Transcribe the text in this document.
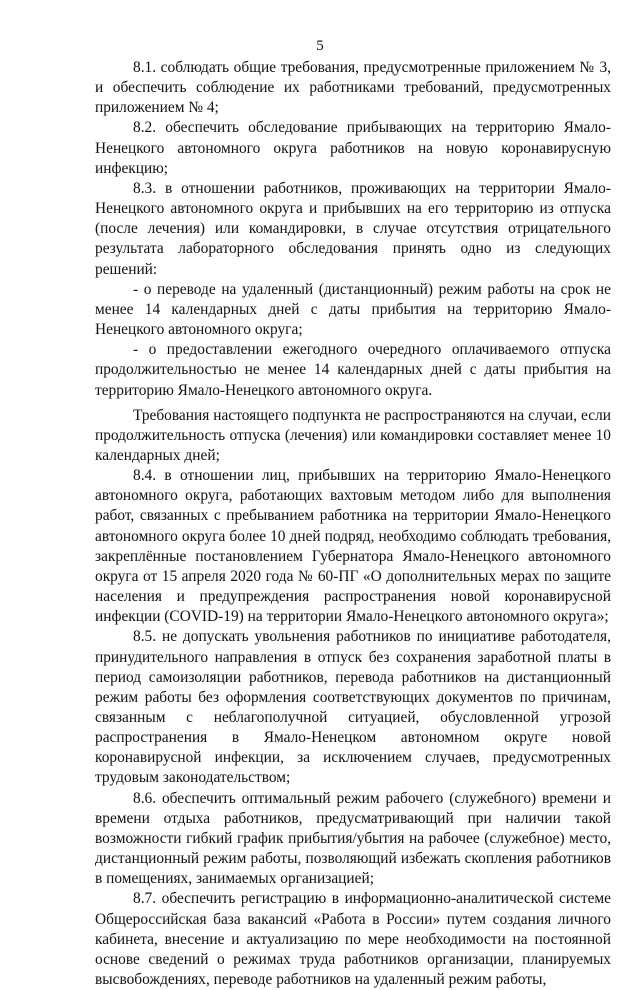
5

8.1. соблюдать общие требования, предусмотренные приложением № 3, и обеспечить соблюдение их работниками требований, предусмотренных приложением № 4;

8.2. обеспечить обследование прибывающих на территорию Ямало-Ненецкого автономного округа работников на новую коронавирусную инфекцию;

8.3. в отношении работников, проживающих на территории Ямало-Ненецкого автономного округа и прибывших на его территорию из отпуска (после лечения) или командировки, в случае отсутствия отрицательного результата лабораторного обследования принять одно из следующих решений:

- о переводе на удаленный (дистанционный) режим работы на срок не менее 14 календарных дней с даты прибытия на территорию Ямало-Ненецкого автономного округа;

- о предоставлении ежегодного очередного оплачиваемого отпуска продолжительностью не менее 14 календарных дней с даты прибытия на территорию Ямало-Ненецкого автономного округа.

Требования настоящего подпункта не распространяются на случаи, если продолжительность отпуска (лечения) или командировки составляет менее 10 календарных дней;

8.4. в отношении лиц, прибывших на территорию Ямало-Ненецкого автономного округа, работающих вахтовым методом либо для выполнения работ, связанных с пребыванием работника на территории Ямало-Ненецкого автономного округа более 10 дней подряд, необходимо соблюдать требования, закреплённые постановлением Губернатора Ямало-Ненецкого автономного округа от 15 апреля 2020 года № 60-ПГ «О дополнительных мерах по защите населения и предупреждения распространения новой коронавирусной инфекции (COVID-19) на территории Ямало-Ненецкого автономного округа»;

8.5. не допускать увольнения работников по инициативе работодателя, принудительного направления в отпуск без сохранения заработной платы в период самоизоляции работников, перевода работников на дистанционный режим работы без оформления соответствующих документов по причинам, связанным с неблагополучной ситуацией, обусловленной угрозой распространения в Ямало-Ненецком автономном округе новой коронавирусной инфекции, за исключением случаев, предусмотренных трудовым законодательством;

8.6. обеспечить оптимальный режим рабочего (служебного) времени и времени отдыха работников, предусматривающий при наличии такой возможности гибкий график прибытия/убытия на рабочее (служебное) место, дистанционный режим работы, позволяющий избежать скопления работников в помещениях, занимаемых организацией;

8.7. обеспечить регистрацию в информационно-аналитической системе Общероссийская база вакансий «Работа в России» путем создания личного кабинета, внесение и актуализацию по мере необходимости на постоянной основе сведений о режимах труда работников организации, планируемых высвобождениях, переводе работников на удаленный режим работы,
